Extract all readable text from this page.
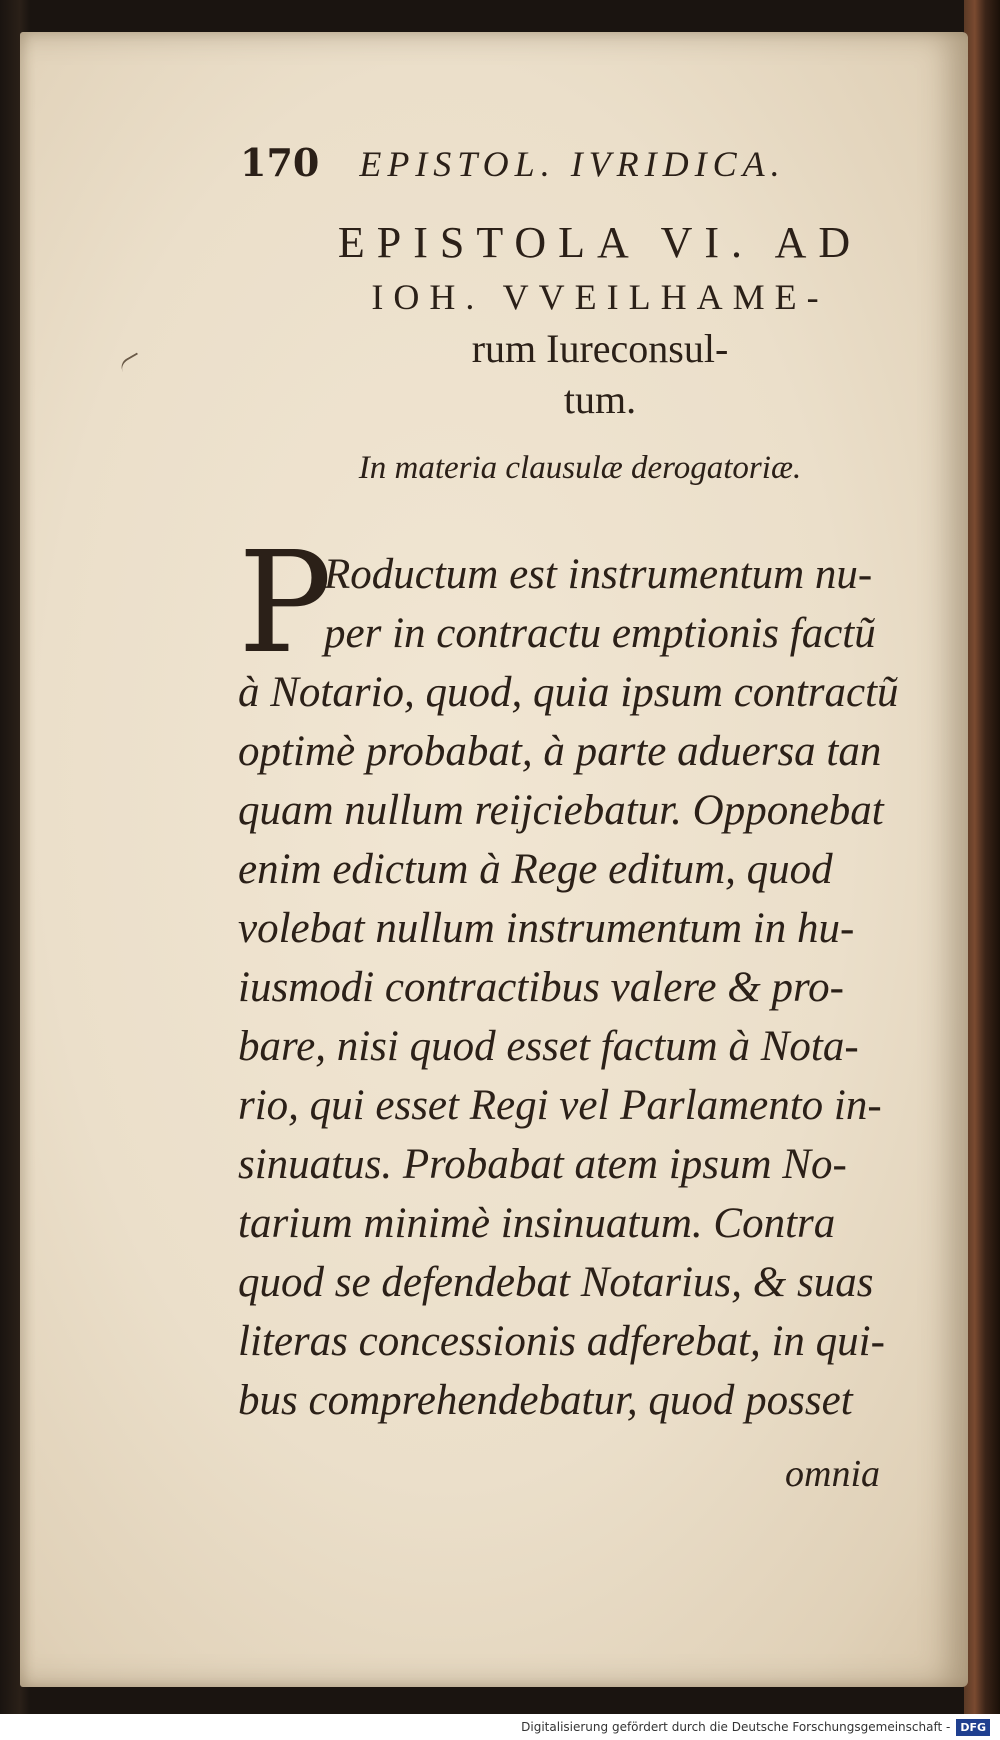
170 EPISTOL. IVRIDICA.
EPISTOLA VI. AD
IOH. VVEILHAME-
rum Iureconsul-
tum.
In materia clausulæ derogatoriæ.
P
Roductum est instrumentum nu-
per in contractu emptionis factũ
à Notario, quod, quia ipsum contractũ
optimè probabat, à parte aduersa tan
quam nullum reijciebatur. Opponebat
enim edictum à Rege editum, quod
volebat nullum instrumentum in hu-
iusmodi contractibus valere & pro-
bare, nisi quod esset factum à Nota-
rio, qui esset Regi vel Parlamento in-
sinuatus. Probabat atem ipsum No-
tarium minimè insinuatum. Contra
quod se defendebat Notarius, & suas
literas concessionis adferebat, in qui-
bus comprehendebatur, quod posset
omnia
Digitalisierung gefördert durch die Deutsche Forschungsgemeinschaft - DFG
